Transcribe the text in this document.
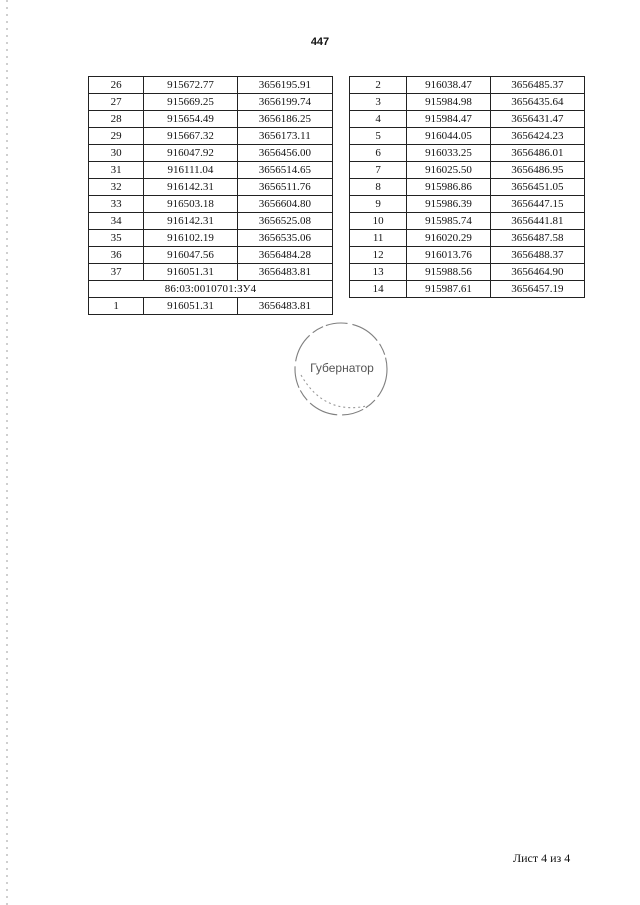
447
26	915672.77	3656195.91
27	915669.25	3656199.74
28	915654.49	3656186.25
29	915667.32	3656173.11
30	916047.92	3656456.00
31	916111.04	3656514.65
32	916142.31	3656511.76
33	916503.18	3656604.80
34	916142.31	3656525.08
35	916102.19	3656535.06
36	916047.56	3656484.28
37	916051.31	3656483.81
86:03:0010701:ЗУ4		
1	916051.31	3656483.81
2	916038.47	3656485.37
3	915984.98	3656435.64
4	915984.47	3656431.47
5	916044.05	3656424.23
6	916033.25	3656486.01
7	916025.50	3656486.95
8	915986.86	3656451.05
9	915986.39	3656447.15
10	915985.74	3656441.81
11	916020.29	3656487.58
12	916013.76	3656488.37
13	915988.56	3656464.90
14	915987.61	3656457.19
Губернатор
Лист 4 из 4
